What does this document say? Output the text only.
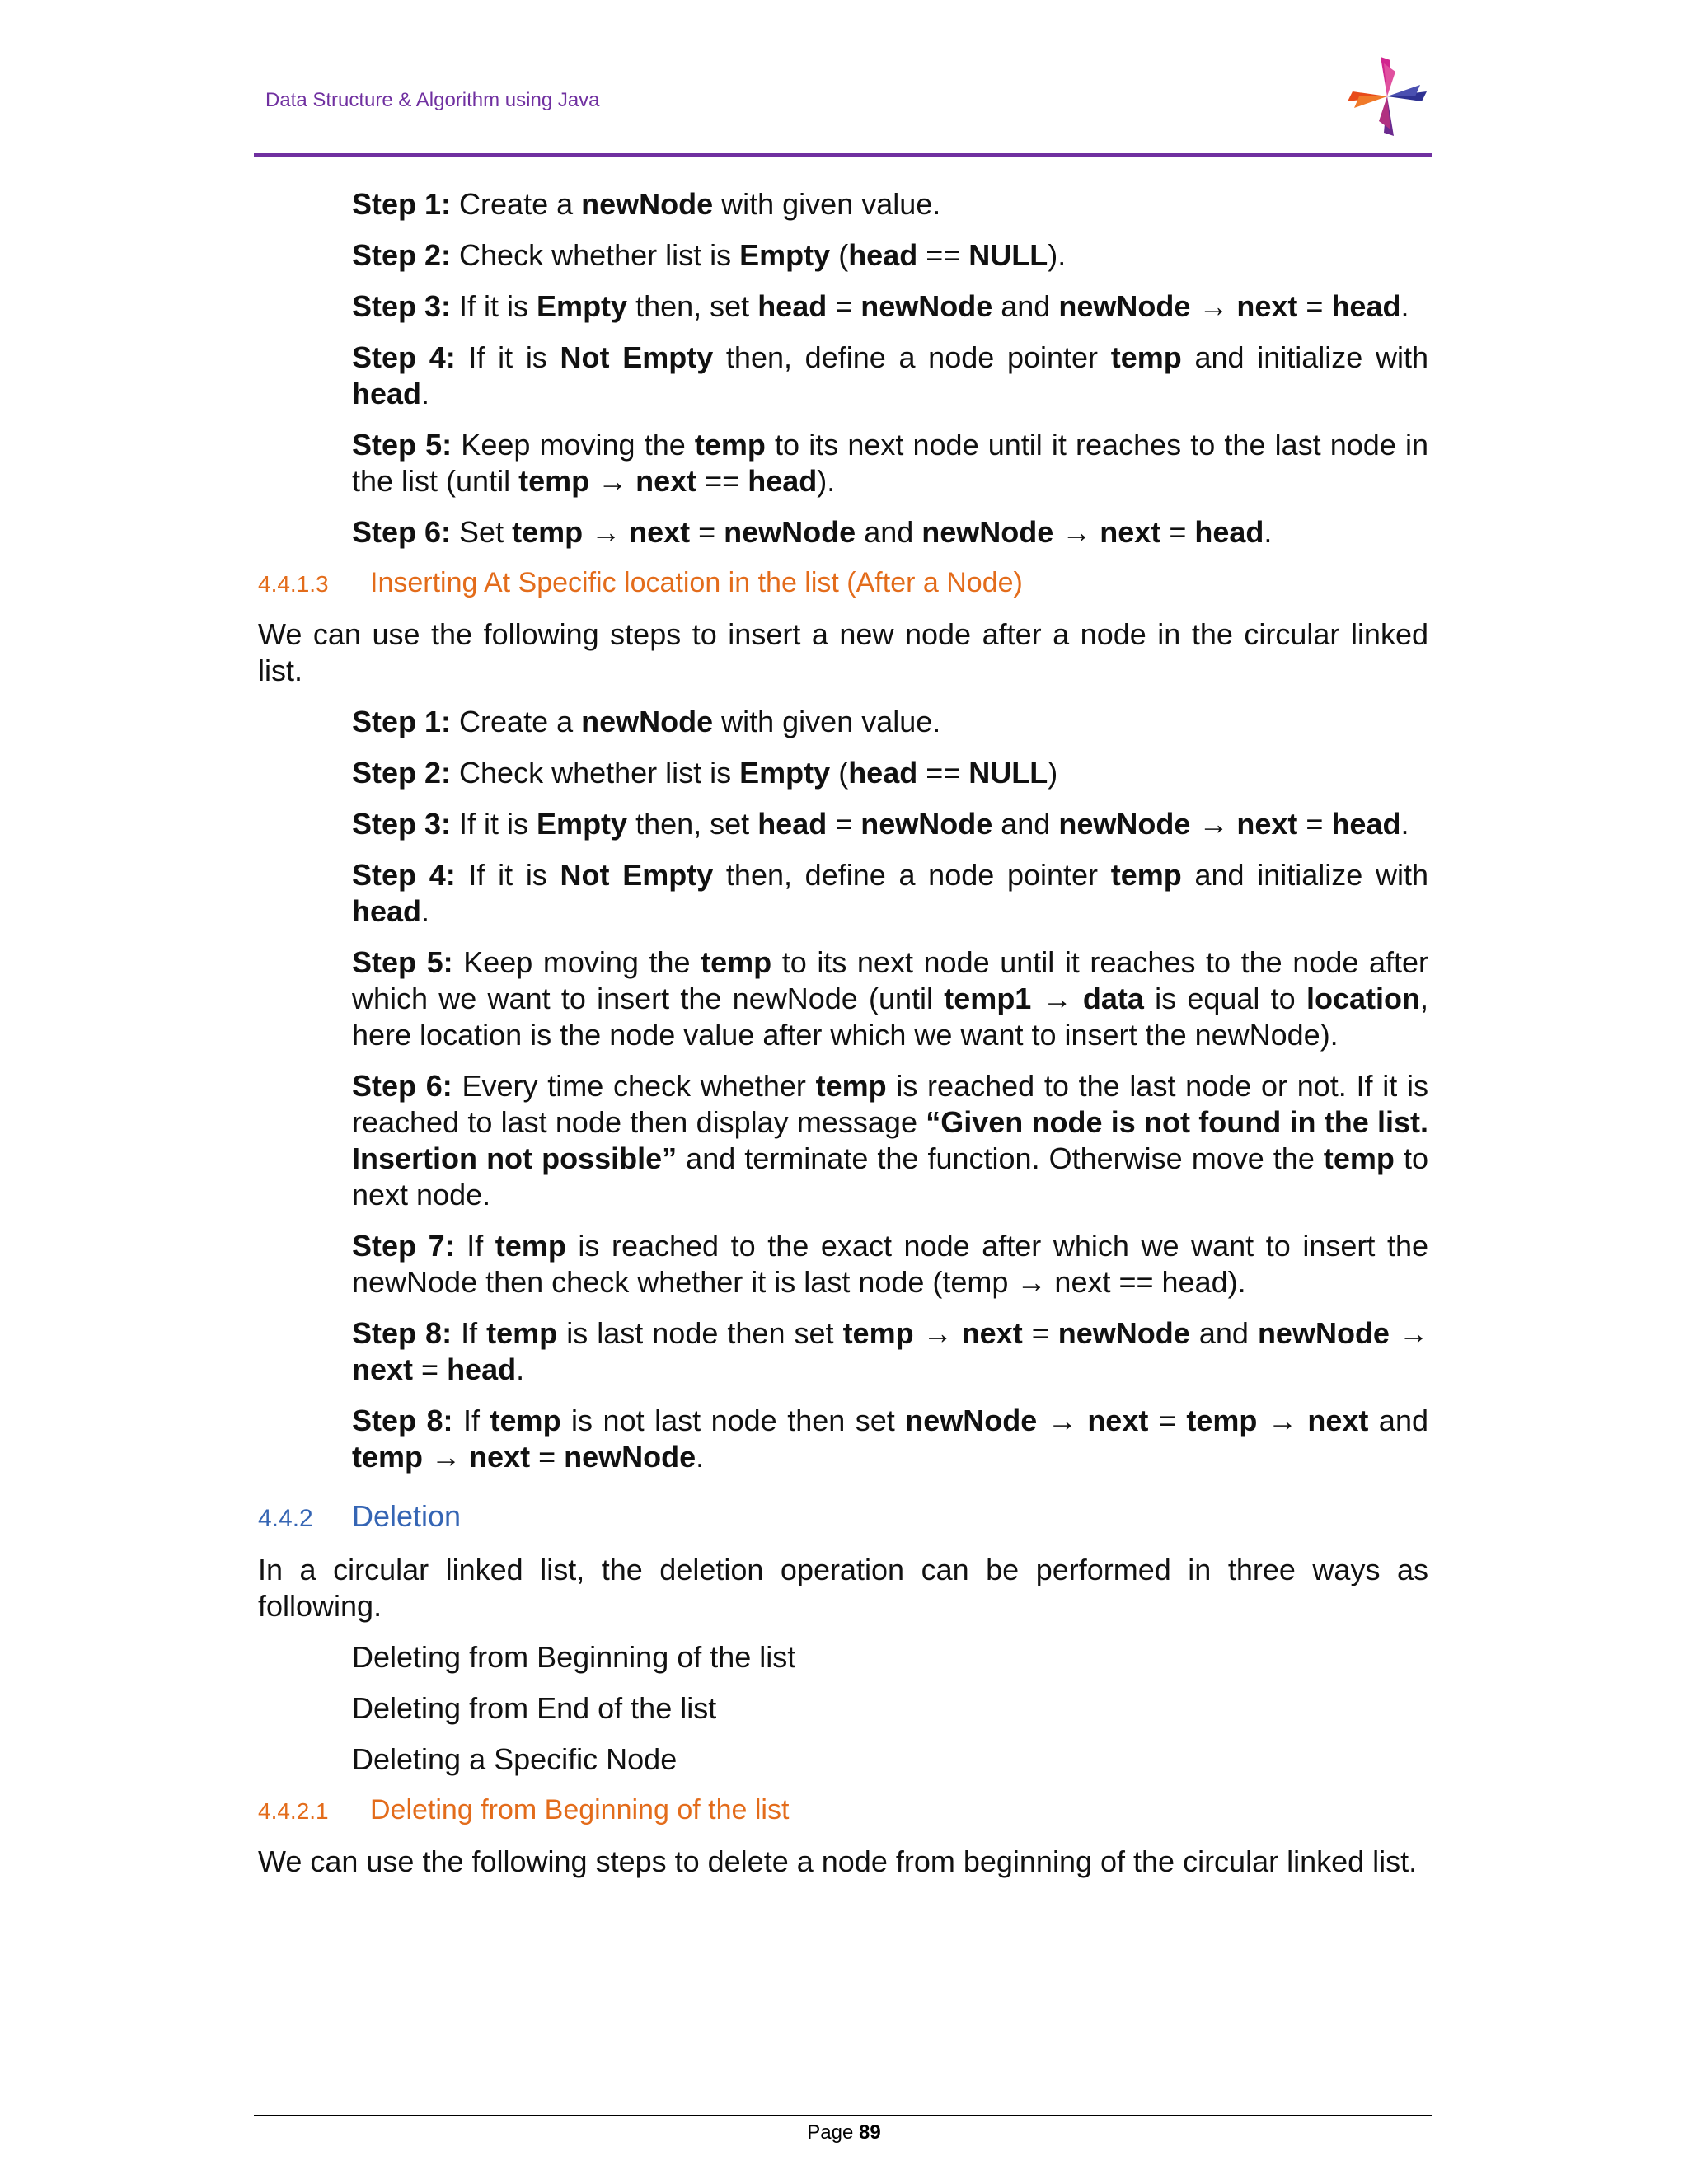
Data Structure & Algorithm using Java

Step 1: Create a newNode with given value.

Step 2: Check whether list is Empty (head == NULL).

Step 3: If it is Empty then, set head = newNode and newNode → next = head.

Step 4: If it is Not Empty then, define a node pointer temp and initialize with head.

Step 5: Keep moving the temp to its next node until it reaches to the last node in the list (until temp → next == head).

Step 6: Set temp → next = newNode and newNode → next = head.

4.4.1.3 Inserting At Specific location in the list (After a Node)

We can use the following steps to insert a new node after a node in the circular linked list.

Step 1: Create a newNode with given value.

Step 2: Check whether list is Empty (head == NULL)

Step 3: If it is Empty then, set head = newNode and newNode → next = head.

Step 4: If it is Not Empty then, define a node pointer temp and initialize with head.

Step 5: Keep moving the temp to its next node until it reaches to the node after which we want to insert the newNode (until temp1 → data is equal to location, here location is the node value after which we want to insert the newNode).

Step 6: Every time check whether temp is reached to the last node or not. If it is reached to last node then display message “Given node is not found in the list. Insertion not possible” and terminate the function. Otherwise move the temp to next node.

Step 7: If temp is reached to the exact node after which we want to insert the newNode then check whether it is last node (temp → next == head).

Step 8: If temp is last node then set temp → next = newNode and newNode → next = head.

Step 8: If temp is not last node then set newNode → next = temp → next and temp → next = newNode.

4.4.2 Deletion

In a circular linked list, the deletion operation can be performed in three ways as following.

Deleting from Beginning of the list
Deleting from End of the list
Deleting a Specific Node
4.4.2.1 Deleting from Beginning of the list

We can use the following steps to delete a node from beginning of the circular linked list.

Page 89
